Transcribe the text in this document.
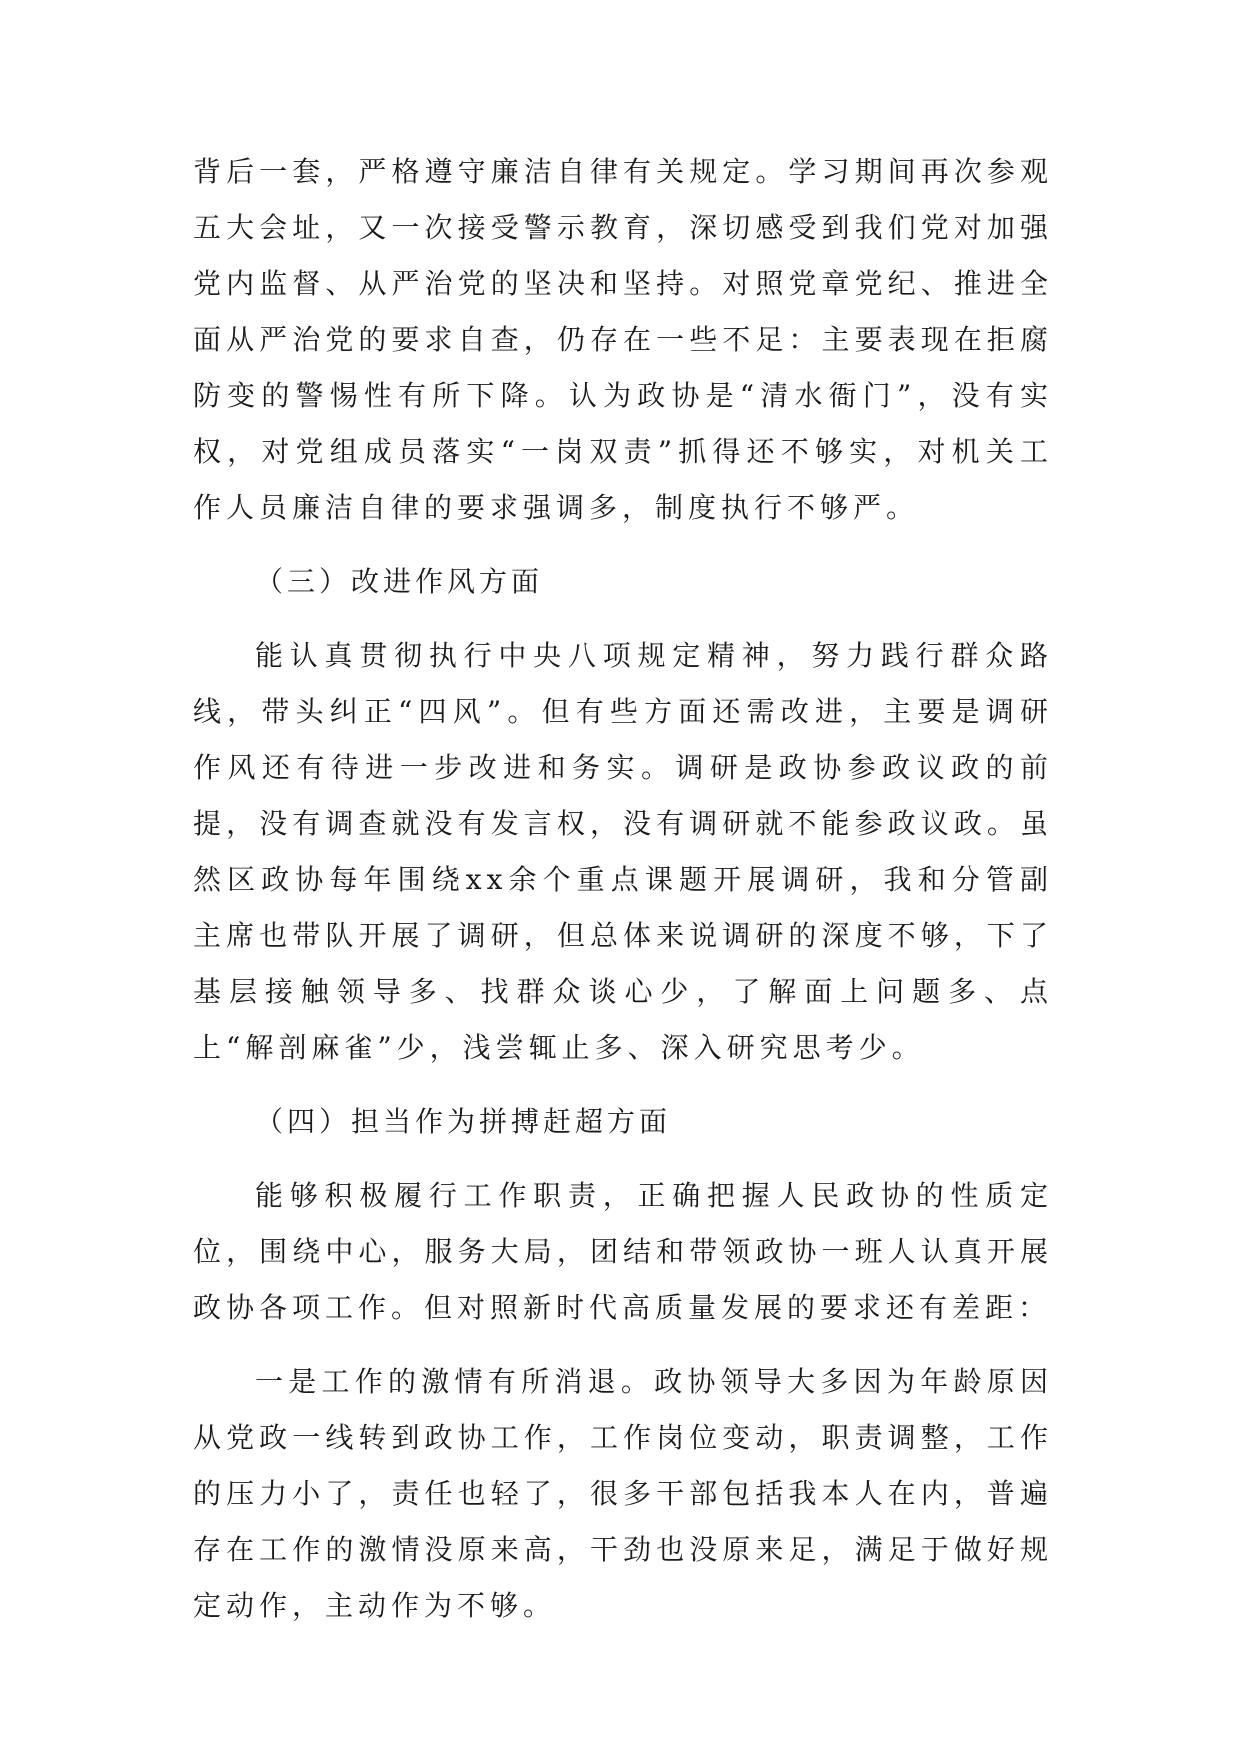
背后一套，严格遵守廉洁自律有关规定。学习期间再次参观五大会址，又一次接受警示教育，深切感受到我们党对加强党内监督、从严治党的坚决和坚持。对照党章党纪、推进全面从严治党的要求自查，仍存在一些不足：主要表现在拒腐防变的警惕性有所下降。认为政协是“清水衙门”，没有实权，对党组成员落实“一岗双责”抓得还不够实，对机关工作人员廉洁自律的要求强调多，制度执行不够严。

（三）改进作风方面

能认真贯彻执行中央八项规定精神，努力践行群众路线，带头纠正“四风”。但有些方面还需改进，主要是调研作风还有待进一步改进和务实。调研是政协参政议政的前提，没有调查就没有发言权，没有调研就不能参政议政。虽然区政协每年围绕xx余个重点课题开展调研，我和分管副主席也带队开展了调研，但总体来说调研的深度不够，下了基层接触领导多、找群众谈心少，了解面上问题多、点上“解剖麻雀”少，浅尝辄止多、深入研究思考少。

（四）担当作为拼搏赶超方面

能够积极履行工作职责，正确把握人民政协的性质定位，围绕中心，服务大局，团结和带领政协一班人认真开展政协各项工作。但对照新时代高质量发展的要求还有差距：

一是工作的激情有所消退。政协领导大多因为年龄原因从党政一线转到政协工作，工作岗位变动，职责调整，工作的压力小了，责任也轻了，很多干部包括我本人在内，普遍存在工作的激情没原来高，干劲也没原来足，满足于做好规定动作，主动作为不够。
